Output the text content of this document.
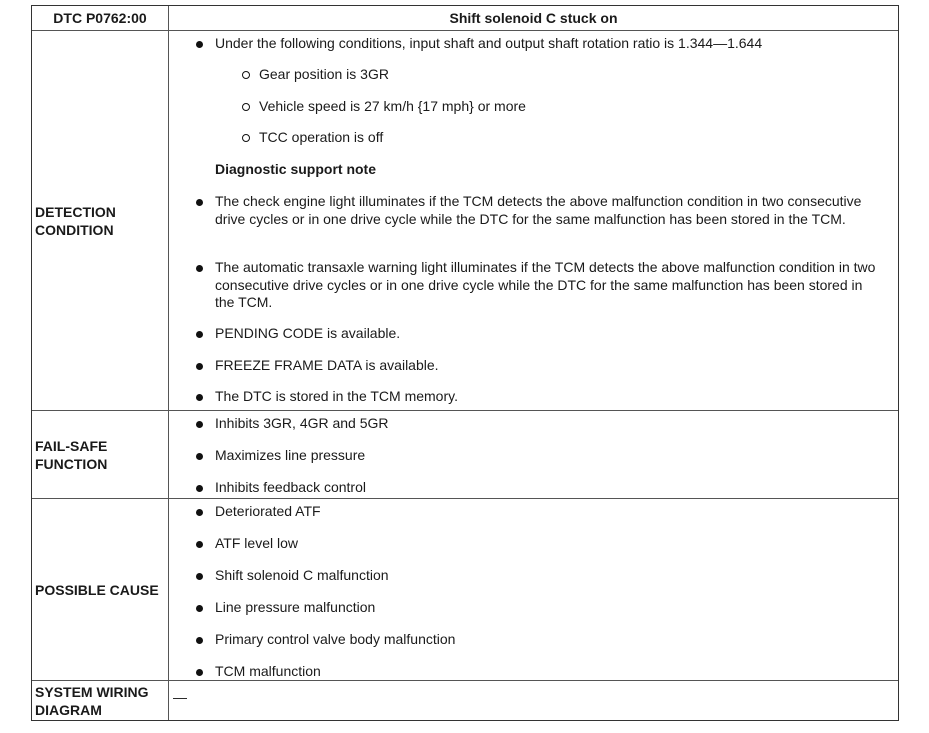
DTC P0762:00	Shift solenoid C stuck on
DETECTION CONDITION
Under the following conditions, input shaft and output shaft rotation ratio is 1.344—1.644
Gear position is 3GR
Vehicle speed is 27 km/h {17 mph} or more
TCC operation is off
Diagnostic support note
The check engine light illuminates if the TCM detects the above malfunction condition in two consecutive drive cycles or in one drive cycle while the DTC for the same malfunction has been stored in the TCM.
The automatic transaxle warning light illuminates if the TCM detects the above malfunction condition in two consecutive drive cycles or in one drive cycle while the DTC for the same malfunction has been stored in the TCM.
PENDING CODE is available.
FREEZE FRAME DATA is available.
The DTC is stored in the TCM memory.
FAIL-SAFE FUNCTION
Inhibits 3GR, 4GR and 5GR
Maximizes line pressure
Inhibits feedback control
POSSIBLE CAUSE
Deteriorated ATF
ATF level low
Shift solenoid C malfunction
Line pressure malfunction
Primary control valve body malfunction
TCM malfunction
SYSTEM WIRING DIAGRAM
—
